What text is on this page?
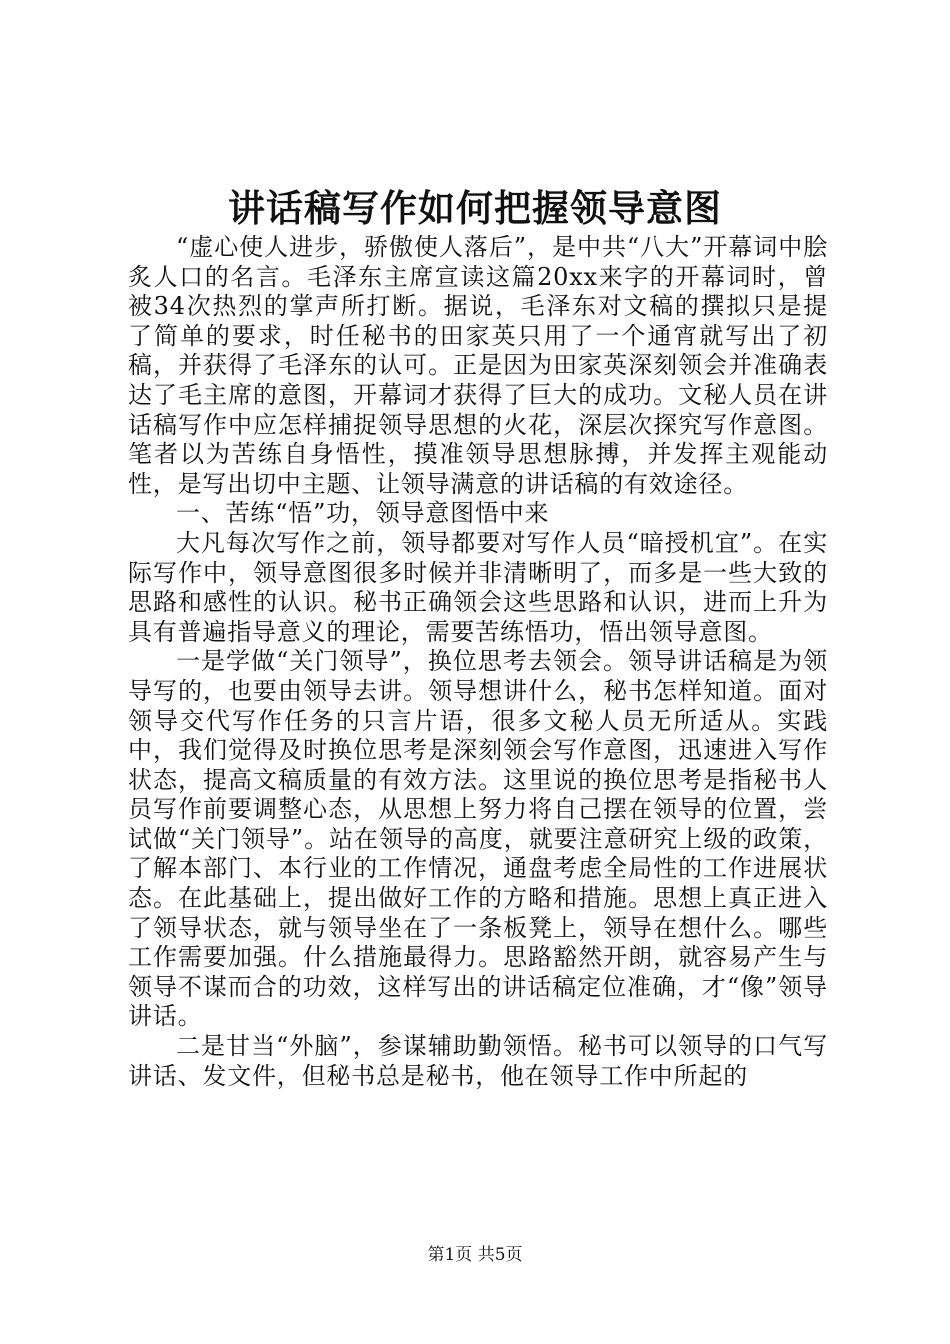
讲话稿写作如何把握领导意图

“虚心使人进步，骄傲使人落后”，是中共“八大”开幕词中脍炙人口的名言。毛泽东主席宣读这篇20xx来字的开幕词时，曾被34次热烈的掌声所打断。据说，毛泽东对文稿的撰拟只是提了简单的要求，时任秘书的田家英只用了一个通宵就写出了初稿，并获得了毛泽东的认可。正是因为田家英深刻领会并准确表达了毛主席的意图，开幕词才获得了巨大的成功。文秘人员在讲话稿写作中应怎样捕捉领导思想的火花，深层次探究写作意图。笔者以为苦练自身悟性，摸准领导思想脉搏，并发挥主观能动性，是写出切中主题、让领导满意的讲话稿的有效途径。

一、苦练“悟”功，领导意图悟中来

大凡每次写作之前，领导都要对写作人员“暗授机宜”。在实际写作中，领导意图很多时候并非清晰明了，而多是一些大致的思路和感性的认识。秘书正确领会这些思路和认识，进而上升为具有普遍指导意义的理论，需要苦练悟功，悟出领导意图。

一是学做“关门领导”，换位思考去领会。领导讲话稿是为领导写的，也要由领导去讲。领导想讲什么，秘书怎样知道。面对领导交代写作任务的只言片语，很多文秘人员无所适从。实践中，我们觉得及时换位思考是深刻领会写作意图，迅速进入写作状态，提高文稿质量的有效方法。这里说的换位思考是指秘书人员写作前要调整心态，从思想上努力将自己摆在领导的位置，尝试做“关门领导”。站在领导的高度，就要注意研究上级的政策，了解本部门、本行业的工作情况，通盘考虑全局性的工作进展状态。在此基础上，提出做好工作的方略和措施。思想上真正进入了领导状态，就与领导坐在了一条板凳上，领导在想什么。哪些工作需要加强。什么措施最得力。思路豁然开朗，就容易产生与领导不谋而合的功效，这样写出的讲话稿定位准确，才“像”领导讲话。

二是甘当“外脑”，参谋辅助勤领悟。秘书可以领导的口气写讲话、发文件，但秘书总是秘书，他在领导工作中所起的

第1页 共5页
